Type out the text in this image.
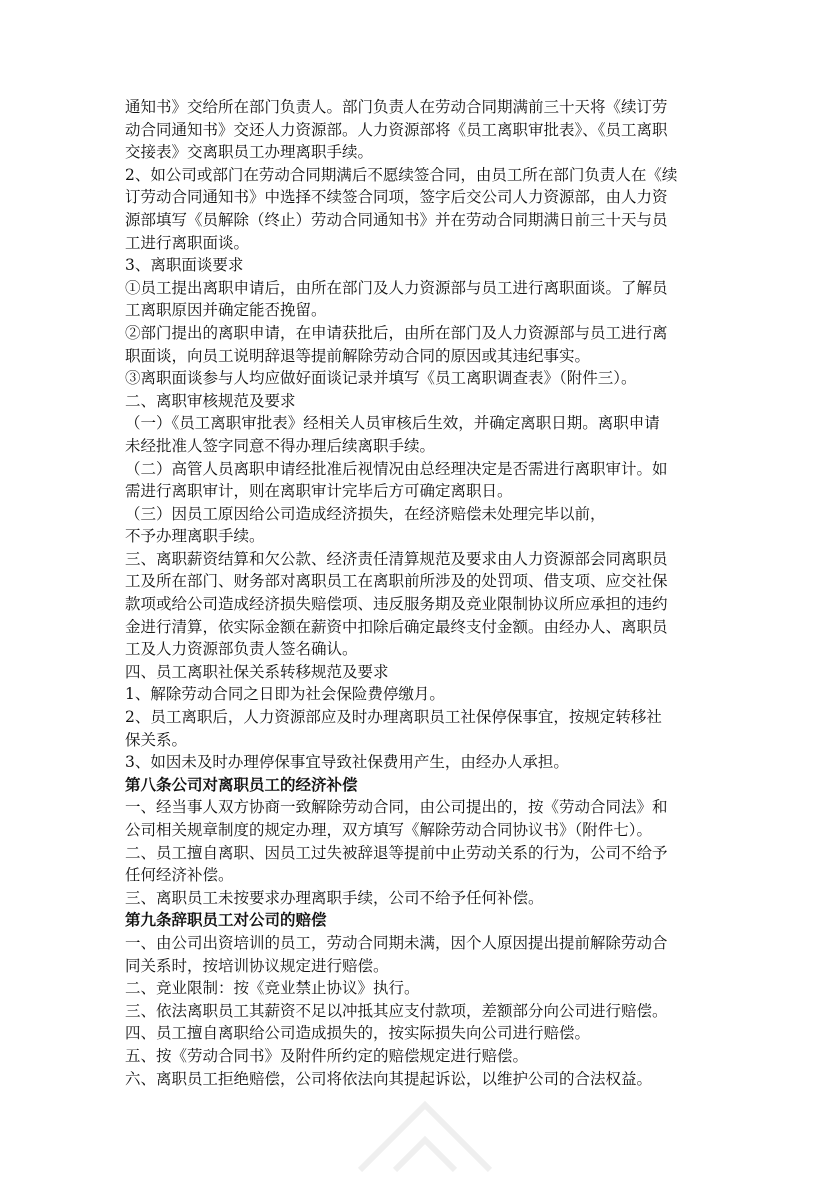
通知书》交给所在部门负责人。部门负责人在劳动合同期满前三十天将《续订劳
动合同通知书》交还人力资源部。人力资源部将《员工离职审批表》、《员工离职
交接表》交离职员工办理离职手续。
2、如公司或部门在劳动合同期满后不愿续签合同，由员工所在部门负责人在《续
订劳动合同通知书》中选择不续签合同项，签字后交公司人力资源部，由人力资
源部填写《员解除（终止）劳动合同通知书》并在劳动合同期满日前三十天与员
工进行离职面谈。
3、离职面谈要求
①员工提出离职申请后，由所在部门及人力资源部与员工进行离职面谈。了解员
工离职原因并确定能否挽留。
②部门提出的离职申请，在申请获批后，由所在部门及人力资源部与员工进行离
职面谈，向员工说明辞退等提前解除劳动合同的原因或其违纪事实。
③离职面谈参与人均应做好面谈记录并填写《员工离职调查表》（附件三）。
二、离职审核规范及要求
（一）《员工离职审批表》经相关人员审核后生效，并确定离职日期。离职申请
未经批准人签字同意不得办理后续离职手续。
（二）高管人员离职申请经批准后视情况由总经理决定是否需进行离职审计。如
需进行离职审计，则在离职审计完毕后方可确定离职日。
（三）因员工原因给公司造成经济损失，在经济赔偿未处理完毕以前，
不予办理离职手续。
三、离职薪资结算和欠公款、经济责任清算规范及要求由人力资源部会同离职员
工及所在部门、财务部对离职员工在离职前所涉及的处罚项、借支项、应交社保
款项或给公司造成经济损失赔偿项、违反服务期及竞业限制协议所应承担的违约
金进行清算，依实际金额在薪资中扣除后确定最终支付金额。由经办人、离职员
工及人力资源部负责人签名确认。
四、员工离职社保关系转移规范及要求
1、解除劳动合同之日即为社会保险费停缴月。
2、员工离职后，人力资源部应及时办理离职员工社保停保事宜，按规定转移社
保关系。
3、如因未及时办理停保事宜导致社保费用产生，由经办人承担。
第八条公司对离职员工的经济补偿
一、经当事人双方协商一致解除劳动合同，由公司提出的，按《劳动合同法》和
公司相关规章制度的规定办理，双方填写《解除劳动合同协议书》（附件七）。
二、员工擅自离职、因员工过失被辞退等提前中止劳动关系的行为，公司不给予
任何经济补偿。
三、离职员工未按要求办理离职手续，公司不给予任何补偿。
第九条辞职员工对公司的赔偿
一、由公司出资培训的员工，劳动合同期未满，因个人原因提出提前解除劳动合
同关系时，按培训协议规定进行赔偿。
二、竞业限制：按《竞业禁止协议》执行。
三、依法离职员工其薪资不足以冲抵其应支付款项，差额部分向公司进行赔偿。
四、员工擅自离职给公司造成损失的，按实际损失向公司进行赔偿。
五、按《劳动合同书》及附件所约定的赔偿规定进行赔偿。
六、离职员工拒绝赔偿，公司将依法向其提起诉讼，以维护公司的合法权益。
